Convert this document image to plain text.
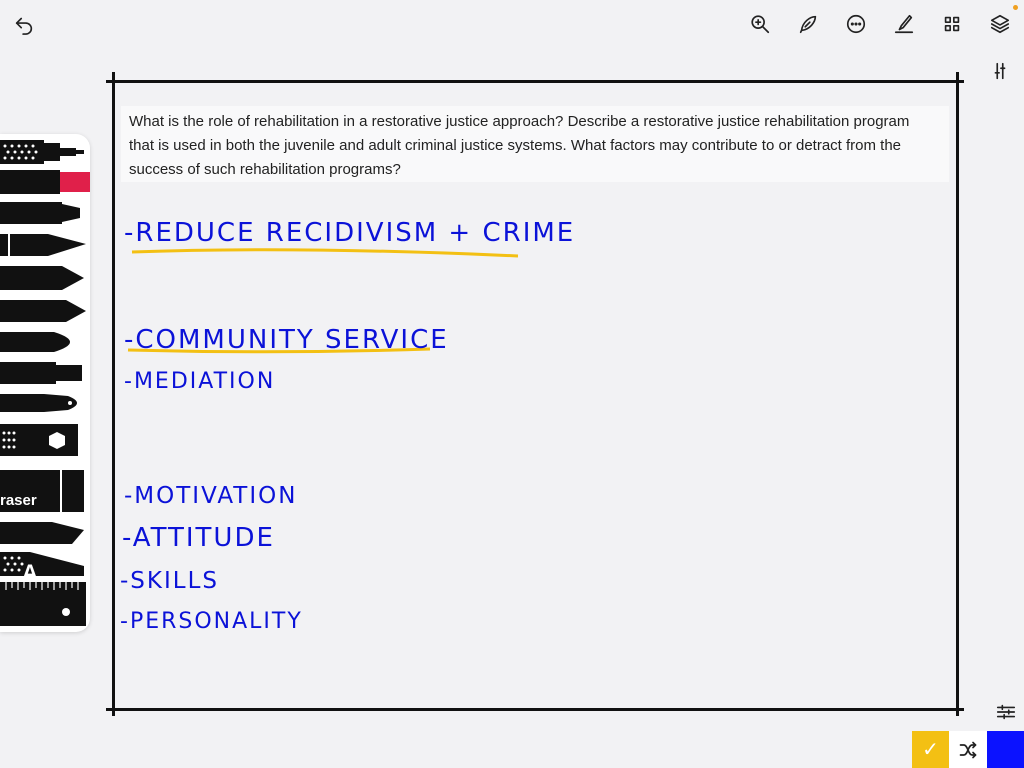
What is the role of rehabilitation in a restorative justice approach? Describe a restorative justice rehabilitation program
that is used in both the juvenile and adult criminal justice systems. What factors may contribute to or detract from the
success of such rehabilitation programs?
-REDUCE RECIDIVISM + CRIME
-COMMUNITY SERVICE
-MEDIATION
-MOTIVATION
-ATTITUDE
-SKILLS
-PERSONALITY
A
raser
✓
